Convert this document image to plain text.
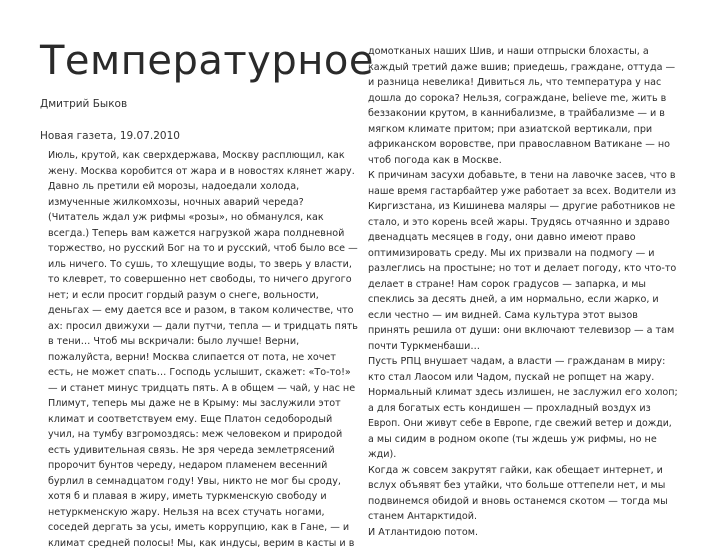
Температурное
Дмитрий Быков
Новая газета, 19.07.2010
Июль, крутой, как сверхдержава, Москву расплющил, как
жену. Москва коробится от жара и в новостях клянет жару.
Давно ль претили ей морозы, надоедали холода,
измученные жилкомхозы, ночных аварий череда?
(Читатель ждал уж рифмы «розы», но обманулся, как
всегда.) Теперь вам кажется нагрузкой жара полдневной
торжество, но русский Бог на то и русский, чтоб было все —
иль ничего. То сушь, то хлещущие воды, то зверь у власти,
то клеврет, то совершенно нет свободы, то ничего другого
нет; и если просит гордый разум о снеге, вольности,
деньгах — ему дается все и разом, в таком количестве, что
ах: просил движухи — дали путчи, тепла — и тридцать пять
в тени… Чтоб мы вскричали: было лучше! Верни,
пожалуйста, верни! Москва слипается от пота, не хочет
есть, не может спать… Господь услышит, скажет: «То-то!»
— и станет минус тридцать пять. А в общем — чай, у нас не
Плимут, теперь мы даже не в Крыму: мы заслужили этот
климат и соответствуем ему. Еще Платон седобородый
учил, на тумбу взгромоздясь: меж человеком и природой
есть удивительная связь. Не зря череда землетрясений
пророчит бунтов череду, недаром пламенем весенний
бурлил в семнадцатом году! Увы, никто не мог бы сроду,
хотя б и плавая в жиру, иметь туркменскую свободу и
нетуркменскую жару. Нельзя на всех стучать ногами,
соседей дергать за усы, иметь коррупцию, как в Гане, — и
климат средней полосы! Мы, как индусы, верим в касты и в
домотканых наших Шив, и наши отпрыски блохасты, а
каждый третий даже вшив; приедешь, граждане, оттуда —
и разница невелика! Дивиться ль, что температура у нас
дошла до сорока? Нельзя, сограждане, believe me, жить в
беззаконии крутом, в каннибализме, в трайбализме — и в
мягком климате притом; при азиатской вертикали, при
африканском воровстве, при православном Ватикане — но
чтоб погода как в Москве.
К причинам засухи добавьте, в тени на лавочке засев, что в
наше время гастарбайтер уже работает за всех. Водители из
Киргизстана, из Кишинева маляры — другие работников не
стало, и это корень всей жары. Трудясь отчаянно и здраво
двенадцать месяцев в году, они давно имеют право
оптимизировать среду. Мы их призвали на подмогу — и
разлеглись на простыне; но тот и делает погоду, кто что-то
делает в стране! Нам сорок градусов — запарка, и мы
спеклись за десять дней, а им нормально, если жарко, и
если честно — им видней. Сама культура этот вызов
принять решила от души: они включают телевизор — а там
почти Туркменбаши…
Пусть РПЦ внушает чадам, а власти — гражданам в миру:
кто стал Лаосом или Чадом, пускай не ропщет на жару.
Нормальный климат здесь излишен, не заслужил его холоп;
а для богатых есть кондишен — прохладный воздух из
Европ. Они живут себе в Европе, где свежий ветер и дожди,
а мы сидим в родном окопе (ты ждешь уж рифмы, но не
жди).
Когда ж совсем закрутят гайки, как обещает интернет, и
вслух объявят без утайки, что больше оттепели нет, и мы
подвинемся обидой и вновь останемся скотом — тогда мы
станем Антарктидой.
И Атлантидою потом.
